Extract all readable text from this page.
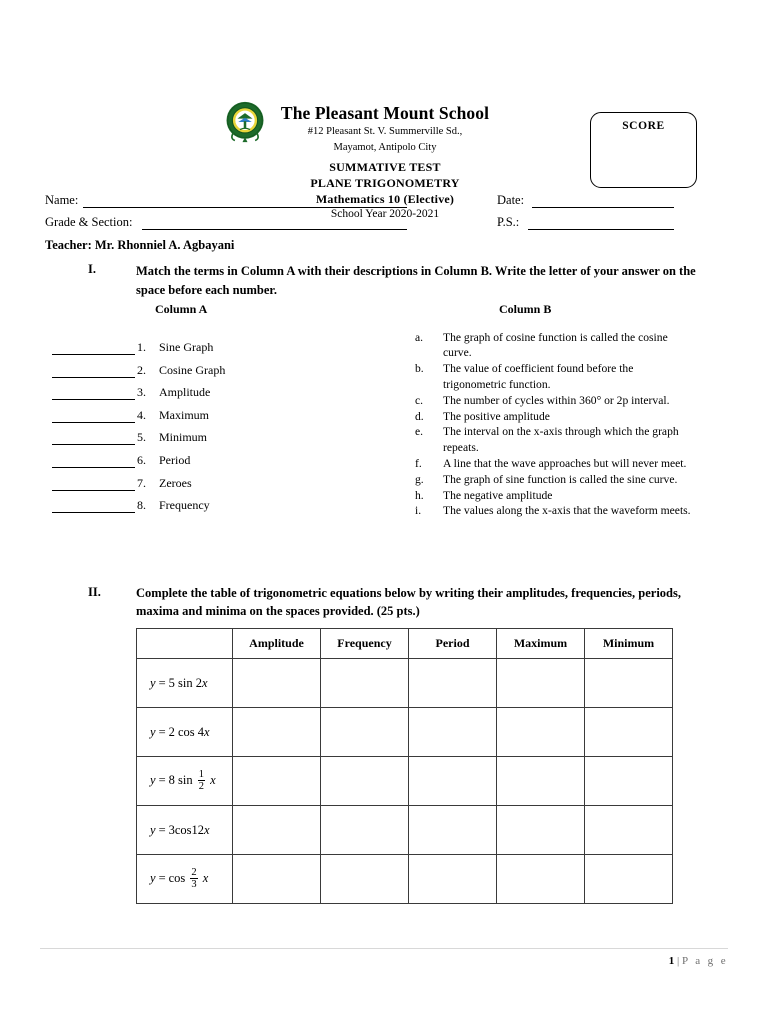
The Pleasant Mount School
#12 Pleasant St. V. Summerville Sd.,
Mayamot, Antipolo City
SUMMATIVE TEST
PLANE TRIGONOMETRY
Mathematics 10 (Elective)
School Year 2020-2021
SCORE
Name:	Date:
Grade & Section:	P.S.:
Teacher: Mr. Rhonniel A. Agbayani
I.	Match the terms in Column A with their descriptions in Column B. Write the letter of your answer on the space before each number.
Column A	Column B
1. Sine Graph
2. Cosine Graph
3. Amplitude
4. Maximum
5. Minimum
6. Period
7. Zeroes
8. Frequency
a. The graph of cosine function is called the cosine curve.
b. The value of coefficient found before the trigonometric function.
c. The number of cycles within 360° or 2p interval.
d. The positive amplitude
e. The interval on the x-axis through which the graph repeats.
f. A line that the wave approaches but will never meet.
g. The graph of sine function is called the sine curve.
h. The negative amplitude
i. The values along the x-axis that the waveform meets.
II.	Complete the table of trigonometric equations below by writing their amplitudes, frequencies, periods, maxima and minima on the spaces provided. (25 pts.)
	Amplitude	Frequency	Period	Maximum	Minimum
y = 5 sin 2x					
y = 2 cos 4x					
y = 8 $\sin \frac{1}{2}$ x					
y = 3cos12x					
$y = \cos \frac{2}{3}$ x					
1 | P a g e
